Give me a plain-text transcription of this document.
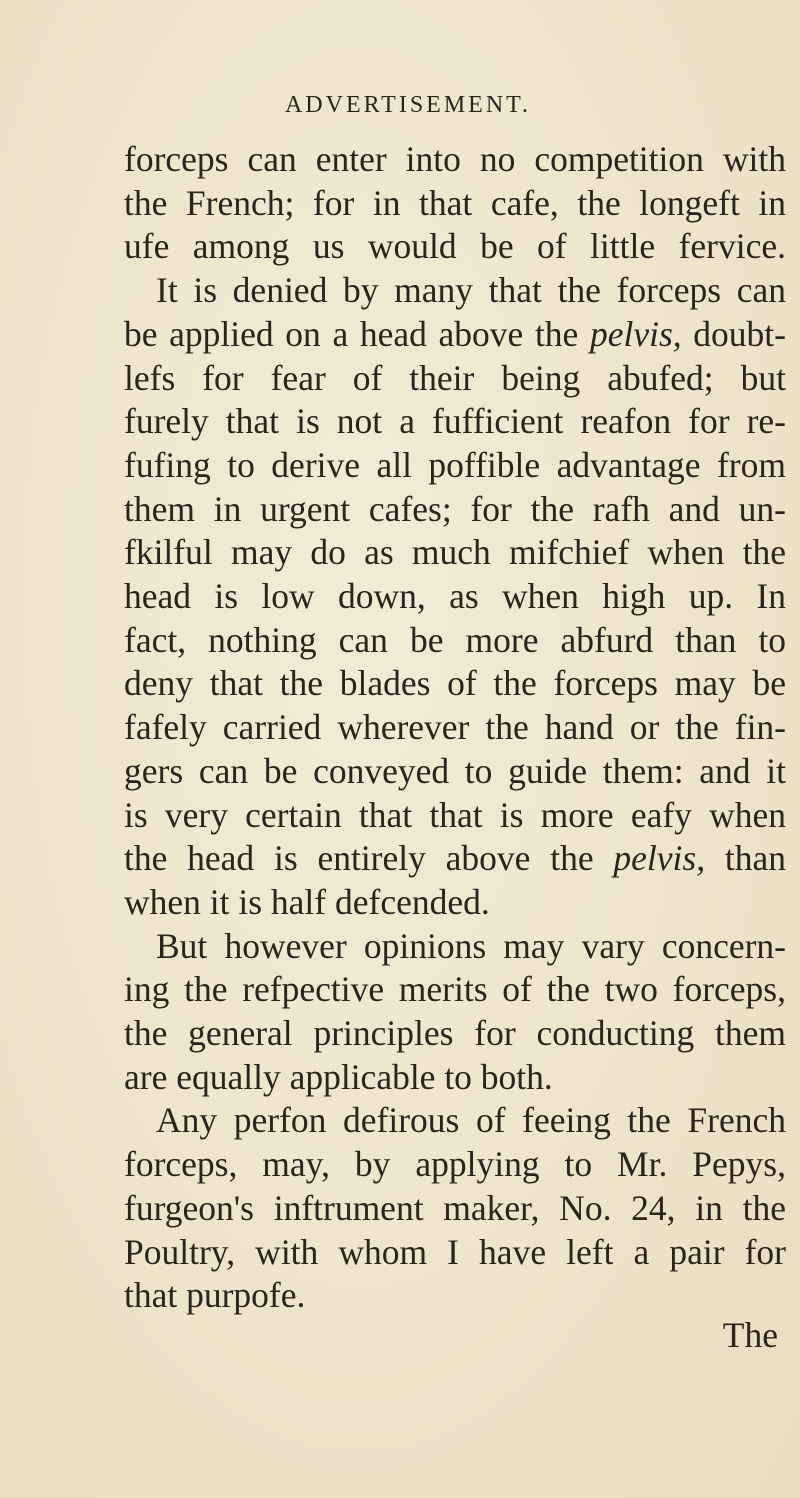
ADVERTISEMENT.
forceps can enter into no competition with
the French; for in that cafe, the longeft in
ufe among us would be of little fervice.
It is denied by many that the forceps can
be applied on a head above the pelvis, doubt-
lefs for fear of their being abufed; but
furely that is not a fufficient reafon for re-
fufing to derive all poffible advantage from
them in urgent cafes; for the rafh and un-
fkilful may do as much mifchief when the
head is low down, as when high up. In
fact, nothing can be more abfurd than to
deny that the blades of the forceps may be
fafely carried wherever the hand or the fin-
gers can be conveyed to guide them: and it
is very certain that that is more eafy when
the head is entirely above the pelvis, than
when it is half defcended.
But however opinions may vary concern-
ing the refpective merits of the two forceps,
the general principles for conducting them
are equally applicable to both.
Any perfon defirous of feeing the French
forceps, may, by applying to Mr. Pepys,
furgeon's inftrument maker, No. 24, in the
Poultry, with whom I have left a pair for
that purpofe.
The
